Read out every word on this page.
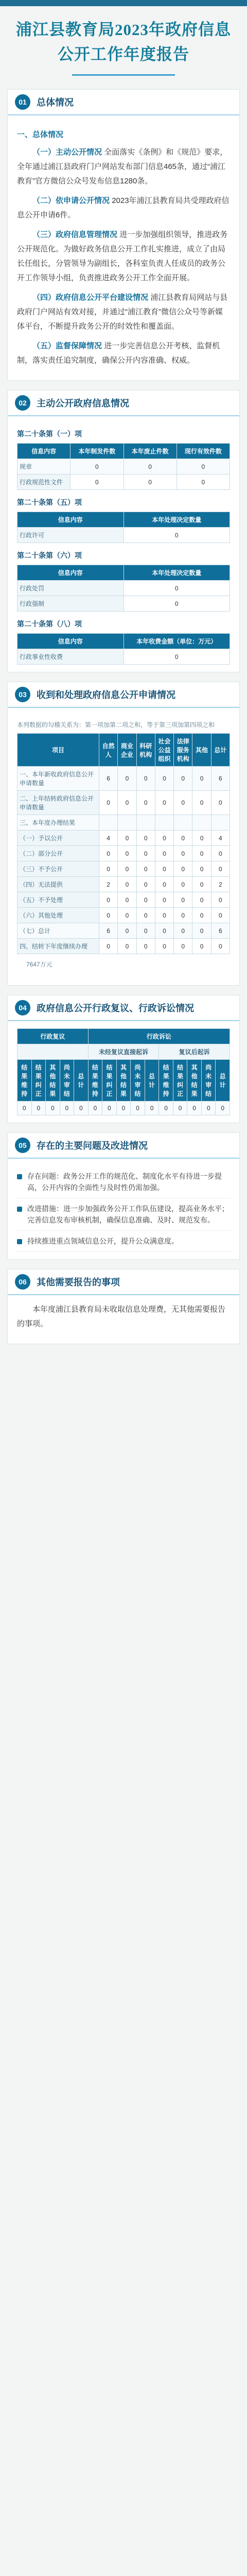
浦江县教育局2023年政府信息公开工作年度报告
01	总体情况

一、总体情况

（一）主动公开情况 全面落实《条例》和《规范》要求，全年通过浦江县政府门户网站发布部门信息465条，通过“浦江教育”官方微信公众号发布信息1280条。

（二）依申请公开情况 2023年浦江县教育局共受理政府信息公开申请6件。

（三）政府信息管理情况 进一步加强组织领导，推进政务公开规范化。为做好政务信息公开工作扎实推进，成立了由局长任组长，分管领导为副组长，各科室负责人任成员的政务公开工作领导小组，负责推进政务公开工作全面开展。

（四）政府信息公开平台建设情况 浦江县教育局网站与县政府门户网站有效对接，并通过“浦江教育”微信公众号等新媒体平台，不断提升政务公开的时效性和覆盖面。

（五）监督保障情况 进一步完善信息公开考核、监督机制，落实责任追究制度，确保公开内容准确、权威。

02	主动公开政府信息情况
第二十条第（一）项
信息内容	本年制发件数	本年废止件数	现行有效件数
规章	0	0	0
行政规范性文件	0	0	0
第二十条第（五）项
信息内容	本年处理决定数量
行政许可	0
第二十条第（六）项
信息内容	本年处理决定数量
行政处罚	0
行政强制	0
第二十条第（八）项
信息内容	本年收费金额（单位：万元）
行政事业性收费	0
03	收到和处理政府信息公开申请情况
本列数据的勾稽关系为：第一项加第二项之和，等于第三项加第四项之和
项目	自然人	商业企业	科研机构	社会公益组织	法律服务机构	其他	总计
一、本年新收政府信息公开申请数量	6	0	0	0	0	0	6
二、上年结转政府信息公开申请数量	0	0	0	0	0	0	0
三、本年度办理结果							
（一）予以公开	4	0	0	0	0	0	4
（二）部分公开	0	0	0	0	0	0	0
（三）不予公开	0	0	0	0	0	0	0
（四）无法提供	2	0	0	0	0	0	2
（五）不予处理	0	0	0	0	0	0	0
（六）其他处理	0	0	0	0	0	0	0
（七）总计	6	0	0	0	0	0	6
四、结转下年度继续办理	0	0	0	0	0	0	0
7647万元
04	政府信息公开行政复议、行政诉讼情况
行政复议					行政诉讼									
					未经复议直接起诉					复议后起诉				
结果维持	结果纠正	其他结果	尚未审结	总计	结果维持	结果纠正	其他结果	尚未审结	总计	结果维持	结果纠正	其他结果	尚未审结	总计
0	0	0	0	0	0	0	0	0	0	0	0	0	0	0
05	存在的主要问题及改进情况
存在问题：政务公开工作的规范化、制度化水平有待进一步提高，公开内容的全面性与及时性仍需加强。
改进措施：进一步加强政务公开工作队伍建设，提高业务水平；完善信息发布审核机制，确保信息准确、及时、规范发布。
持续推进重点领域信息公开，提升公众满意度。
06	其他需要报告的事项

本年度浦江县教育局未收取信息处理费，无其他需要报告的事项。
